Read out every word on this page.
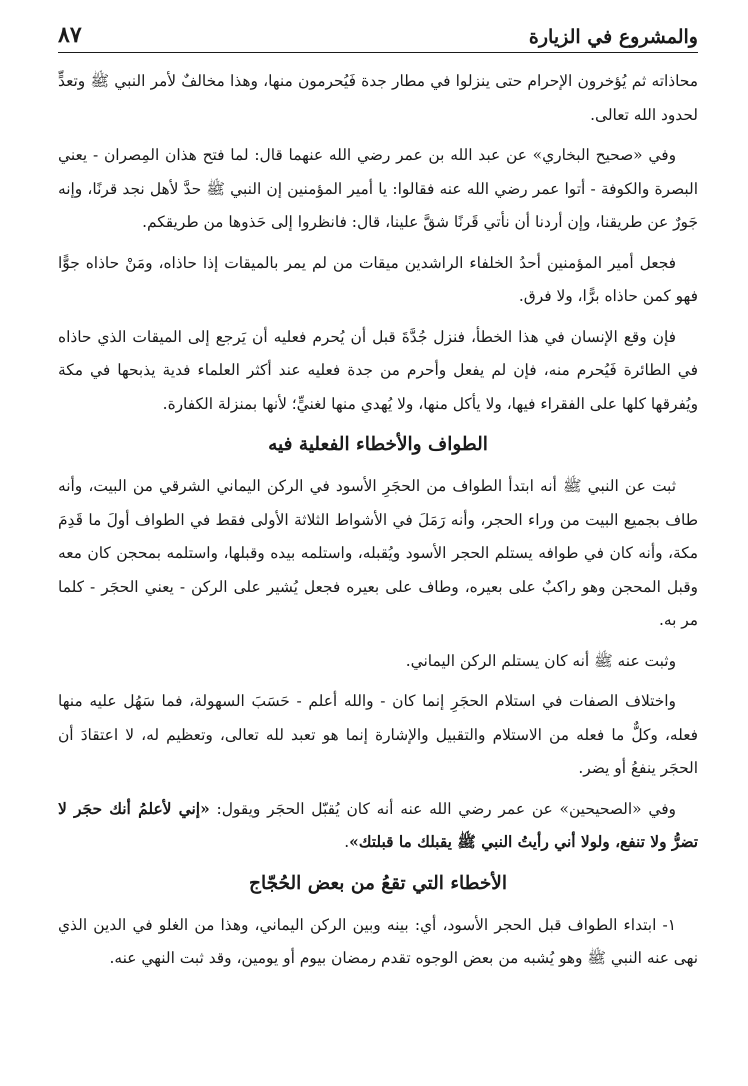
والمشروع في الزيارة
٨٧

محاذاته ثم يُؤخرون الإحرام حتى ينزلوا في مطار جدة فَيُحرمون منها، وهذا مخالفٌ لأمر النبي ﷺ وتعدٍّ لحدود الله تعالى.

وفي «صحيح البخاري» عن عبد الله بن عمر رضي الله عنهما قال: لما فتح هذان المِصران - يعني البصرة والكوفة - أتوا عمر رضي الله عنه فقالوا: يا أمير المؤمنين إن النبي ﷺ حدَّ لأهل نجد قرنًا، وإنه جَورٌ عن طريقنا، وإن أردنا أن نأتي قَرنًا شقَّ علينا، قال: فانظروا إلى حَذوها من طريقكم.

فجعل أمير المؤمنين أحدُ الخلفاء الراشدين ميقات من لم يمر بالميقات إذا حاذاه، ومَنْ حاذاه جوًّا فهو كمن حاذاه برًّا، ولا فرق.

فإن وقع الإنسان في هذا الخطأ، فنزل جُدَّةَ قبل أن يُحرم فعليه أن يَرجع إلى الميقات الذي حاذاه في الطائرة فَيُحرم منه، فإن لم يفعل وأحرم من جدة فعليه عند أكثر العلماء فدية يذبحها في مكة ويُفرقها كلها على الفقراء فيها، ولا يأكل منها، ولا يُهدي منها لغنيٍّ؛ لأنها بمنزلة الكفارة.

الطواف والأخطاء الفعلية فيه

ثبت عن النبي ﷺ أنه ابتدأ الطواف من الحجَرِ الأسود في الركن اليماني الشرقي من البيت، وأنه طاف بجميع البيت من وراء الحجر، وأنه رَمَلَ في الأشواط الثلاثة الأولى فقط في الطواف أولَ ما قَدِمَ مكة، وأنه كان في طوافه يستلم الحجر الأسود ويُقبله، واستلمه بيده وقبلها، واستلمه بمحجن كان معه وقبل المحجن وهو راكبٌ على بعيره، وطاف على بعيره فجعل يُشير على الركن - يعني الحجَر - كلما مر به.

وثبت عنه ﷺ أنه كان يستلم الركن اليماني.

واختلاف الصفات في استلام الحجَرِ إنما كان - والله أعلم - حَسَبَ السهولة، فما سَهُل عليه منها فعله، وكلٌّ ما فعله من الاستلام والتقبيل والإشارة إنما هو تعبد لله تعالى، وتعظيم له، لا اعتقادَ أن الحجَر ينفعُ أو يضر.

وفي «الصحيحين» عن عمر رضي الله عنه أنه كان يُقبّل الحجَر ويقول: «إني لأعلمُ أنك حجَر لا تضرُّ ولا تنفع، ولولا أني رأيتُ النبي ﷺ يقبلك ما قبلتك».

الأخطاء التي تقعُ من بعض الحُجّاج

١- ابتداء الطواف قبل الحجر الأسود، أي: بينه وبين الركن اليماني، وهذا من الغلو في الدين الذي نهى عنه النبي ﷺ وهو يُشبه من بعض الوجوه تقدم رمضان بيوم أو يومين، وقد ثبت النهي عنه.
